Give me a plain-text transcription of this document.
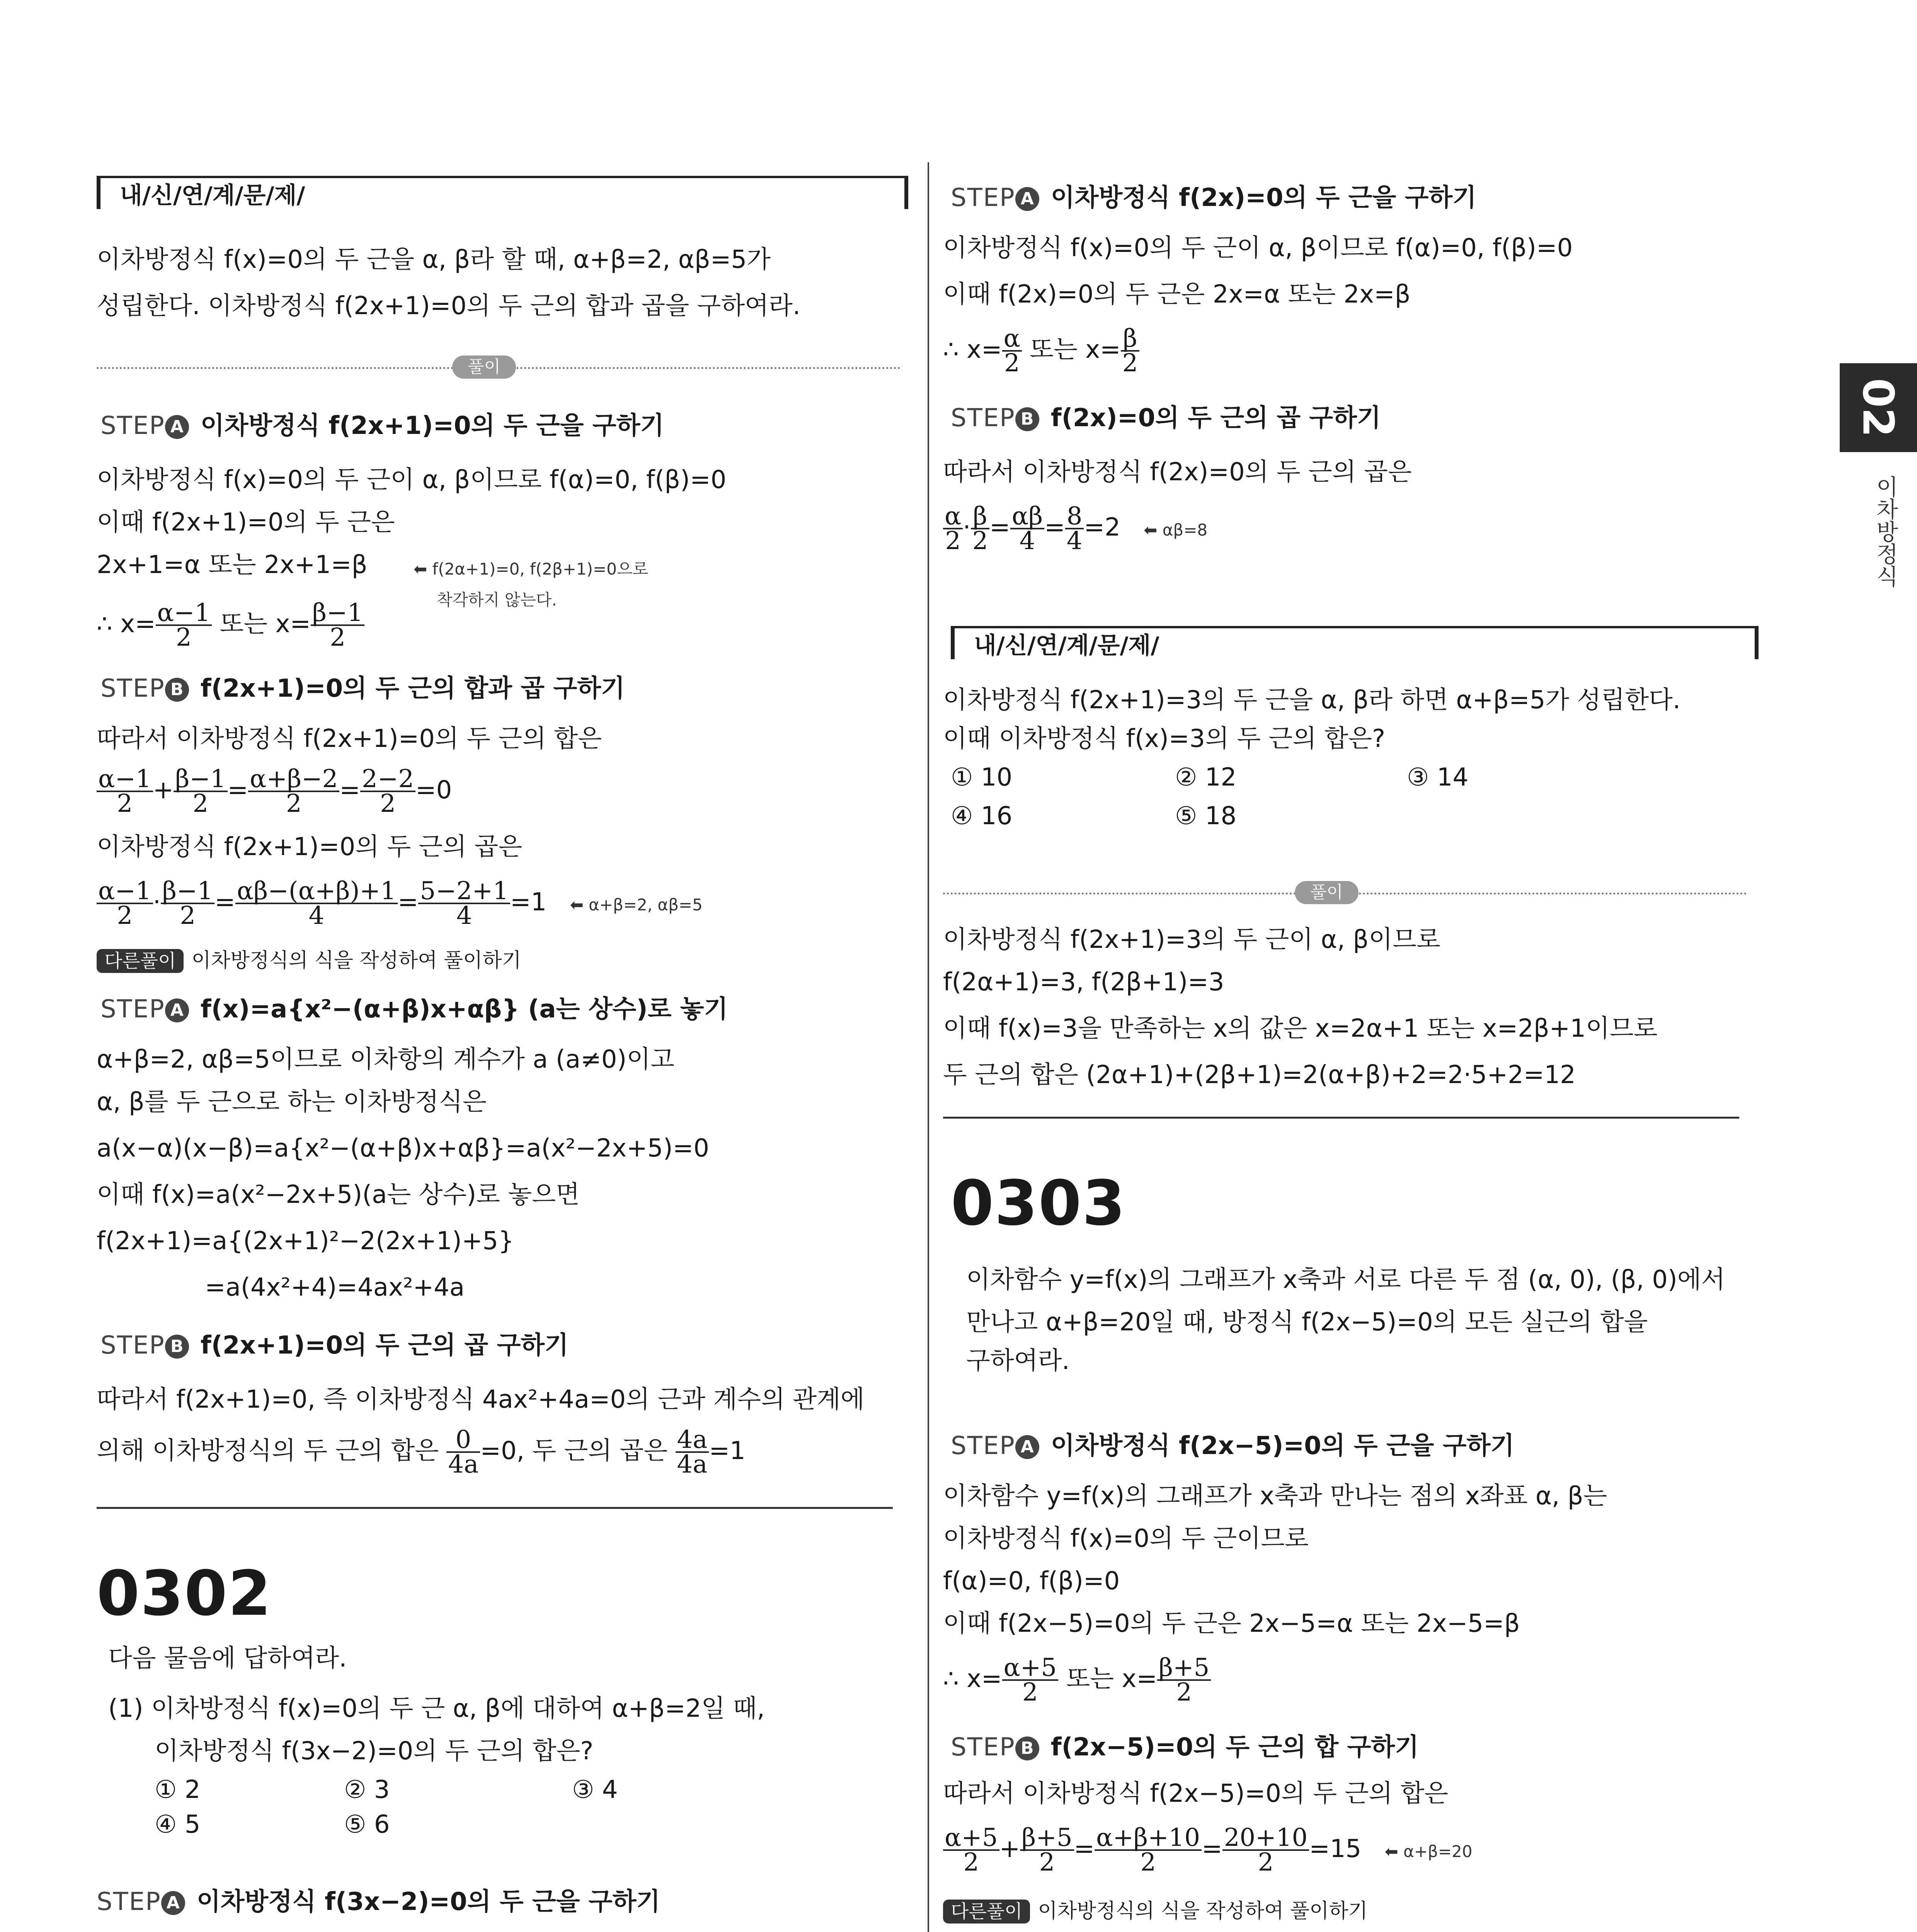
02
이차방정식
내/신/연/계/문/제/
이차방정식 f(x)=0의 두 근을 α, β라 할 때, α+β=2, αβ=5가
성립한다. 이차방정식 f(2x+1)=0의 두 근의 합과 곱을 구하여라.
풀이
STEP A 이차방정식 f(2x+1)=0의 두 근을 구하기
이차방정식 f(x)=0의 두 근이 α, β이므로 f(α)=0, f(β)=0
이때 f(2x+1)=0의 두 근은
2x+1=α 또는 2x+1=β	⬅ f(2α+1)=0, f(2β+1)=0으로
착각하지 않는다.
∴ $x= \frac{\alpha-1}{2}$ 또는 $x= \frac{\beta-1}{2}$
STEP B f(2x+1)=0의 두 근의 합과 곱 구하기
따라서 이차방정식 f(2x+1)=0의 두 근의 합은
$\frac{\alpha-1}{2} + \frac{\beta-1}{2} = \frac{\alpha+\beta-2}{2} = \frac{2-2}{2} =0$
이차방정식 f(2x+1)=0의 두 근의 곱은
$\frac{\alpha-1}{2} \cdot \frac{\beta-1}{2} = \frac{\alpha\beta-(\alpha+\beta)+1}{4} = \frac{5-2+1}{4} =1$ ⬅ α+β=2, αβ=5
다른풀이 이차방정식의 식을 작성하여 풀이하기
STEP A f(x)=a{x²−(α+β)x+αβ} (a는 상수)로 놓기
α+β=2, αβ=5이므로 이차항의 계수가 a (a≠0)이고
α, β를 두 근으로 하는 이차방정식은
a(x−α)(x−β)=a{x²−(α+β)x+αβ}=a(x²−2x+5)=0
이때 f(x)=a(x²−2x+5)(a는 상수)로 놓으면
f(2x+1)=a{(2x+1)²−2(2x+1)+5}
=a(4x²+4)=4ax²+4a
STEP B f(2x+1)=0의 두 근의 곱 구하기
따라서 f(2x+1)=0, 즉 이차방정식 4ax²+4a=0의 근과 계수의 관계에
의해 이차방정식의 두 근의 합은 $\frac{0}{4a} =0$, 두 근의 곱은 $\frac{4a}{4a} =1$
0302
다음 물음에 답하여라.
(1) 이차방정식 f(x)=0의 두 근 α, β에 대하여 α+β=2일 때,
이차방정식 f(3x−2)=0의 두 근의 합은?
① 2	② 3	③ 4
④ 5	⑤ 6
STEP A 이차방정식 f(3x−2)=0의 두 근을 구하기

STEP A 이차방정식 f(2x)=0의 두 근을 구하기
이차방정식 f(x)=0의 두 근이 α, β이므로 f(α)=0, f(β)=0
이때 f(2x)=0의 두 근은 2x=α 또는 2x=β
∴ $x= \frac{\alpha}{2}$ 또는 $x= \frac{\beta}{2}$
STEP B f(2x)=0의 두 근의 곱 구하기
따라서 이차방정식 f(2x)=0의 두 근의 곱은
$\frac{\alpha}{2} \cdot \frac{\beta}{2} = \frac{\alpha\beta}{4} = \frac{8}{4} =2$ ⬅ αβ=8
내/신/연/계/문/제/
이차방정식 f(2x+1)=3의 두 근을 α, β라 하면 α+β=5가 성립한다.
이때 이차방정식 f(x)=3의 두 근의 합은?
① 10	② 12	③ 14
④ 16	⑤ 18
풀이
이차방정식 f(2x+1)=3의 두 근이 α, β이므로
f(2α+1)=3, f(2β+1)=3
이때 f(x)=3을 만족하는 x의 값은 x=2α+1 또는 x=2β+1이므로
두 근의 합은 (2α+1)+(2β+1)=2(α+β)+2=2·5+2=12
0303
이차함수 y=f(x)의 그래프가 x축과 서로 다른 두 점 (α, 0), (β, 0)에서
만나고 α+β=20일 때, 방정식 f(2x−5)=0의 모든 실근의 합을
구하여라.
STEP A 이차방정식 f(2x−5)=0의 두 근을 구하기
이차함수 y=f(x)의 그래프가 x축과 만나는 점의 x좌표 α, β는
이차방정식 f(x)=0의 두 근이므로
f(α)=0, f(β)=0
이때 f(2x−5)=0의 두 근은 2x−5=α 또는 2x−5=β
∴ $x= \frac{\alpha+5}{2}$ 또는 $x= \frac{\beta+5}{2}$
STEP B f(2x−5)=0의 두 근의 합 구하기
따라서 이차방정식 f(2x−5)=0의 두 근의 합은
$\frac{\alpha+5}{2} + \frac{\beta+5}{2} = \frac{\alpha+\beta+10}{2} = \frac{20+10}{2} =15$ ⬅ α+β=20
다른풀이 이차방정식의 식을 작성하여 풀이하기
